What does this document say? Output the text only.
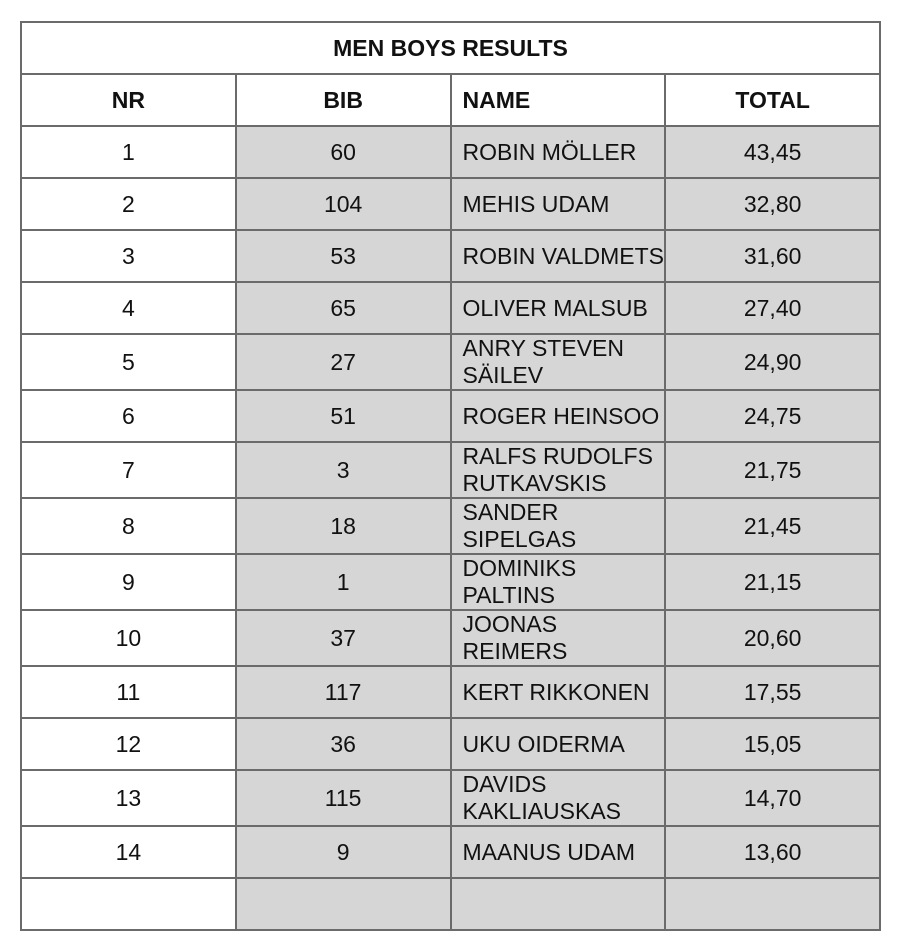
MEN BOYS RESULTS			
NR	BIB	NAME	TOTAL
1	60	ROBIN MÖLLER	43,45
2	104	MEHIS UDAM	32,80
3	53	ROBIN VALDMETS	31,60
4	65	OLIVER MALSUB	27,40
5	27	ANRY STEVEN SÄILEV	24,90
6	51	ROGER HEINSOO	24,75
7	3	RALFS RUDOLFS RUTKAVSKIS	21,75
8	18	SANDER SIPELGAS	21,45
9	1	DOMINIKS PALTINS	21,15
10	37	JOONAS REIMERS	20,60
11	117	KERT RIKKONEN	17,55
12	36	UKU OIDERMA	15,05
13	115	DAVIDS KAKLIAUSKAS	14,70
14	9	MAANUS UDAM	13,60
